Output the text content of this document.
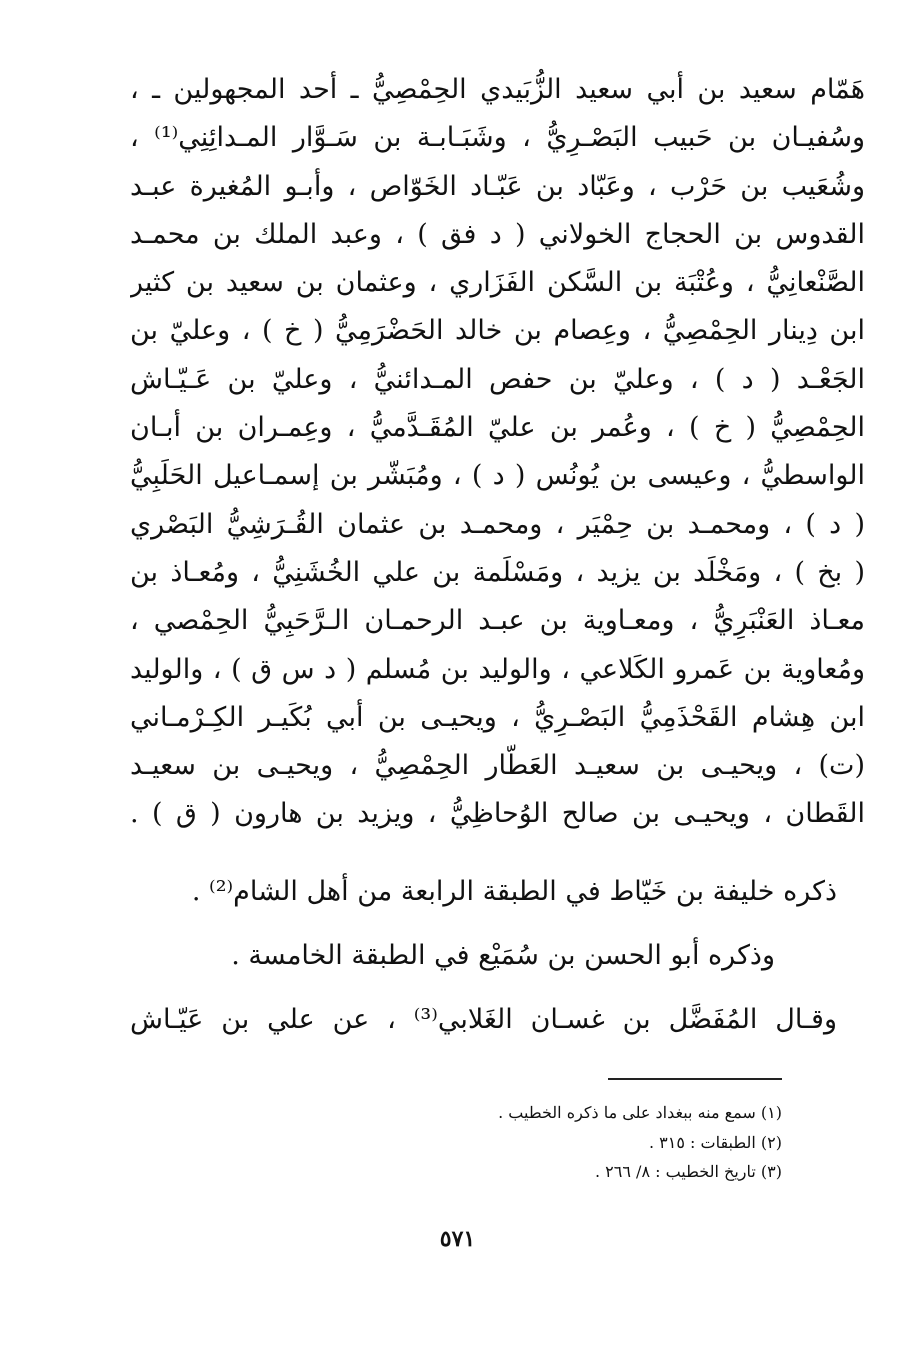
هَمّام سعيد بن أبي سعيد الزُّبَيدي الحِمْصِيُّ ـ أحد المجهولين ـ ،
وسُفيـان بن حَبيب البَصْـرِيُّ ، وشَبَـابـة بن سَـوَّار المـدائِنِي⁽¹⁾ ،
وشُعَيب بن حَرْب ، وعَبّاد بن عَبّـاد الخَوّاص ، وأبـو المُغيرة عبـد
القدوس بن الحجاج الخولاني ( د فق ) ، وعبد الملك بن محمـد
الصَّنْعانِيُّ ، وعُتْبَة بن السَّكن الفَزَاري ، وعثمان بن سعيد بن كثير
ابن دِينار الحِمْصِيُّ ، وعِصام بن خالد الحَضْرَمِيُّ ( خ ) ، وعليّ بن
الجَعْـد ( د ) ، وعليّ بن حفص المـدائنيُّ ، وعليّ بن عَـيّـاش
الحِمْصِيُّ ( خ ) ، وعُمر بن عليّ المُقَـدَّميُّ ، وعِمـران بن أبـان
الواسطيُّ ، وعيسى بن يُونُس ( د ) ، ومُبَشّر بن إسمـاعيل الحَلَبِيُّ
( د ) ، ومحمـد بن حِمْيَر ، ومحمـد بن عثمان القُـرَشِيُّ البَصْري
( بخ ) ، ومَخْلَد بن يزيد ، ومَسْلَمة بن علي الخُشَنِيُّ ، ومُعـاذ بن
معـاذ العَنْبَرِيُّ ، ومعـاوية بن عبـد الرحمـان الـرَّحَبِيُّ الحِمْصي ،
ومُعاوية بن عَمرو الكَلاعي ، والوليد بن مُسلم ( د س ق ) ، والوليد
ابن هِشام القَحْذَمِيُّ البَصْـرِيُّ ، ويحيـى بن أبي بُكَيـر الكِـرْمـاني
(ت) ، ويحيـى بن سعيـد العَطّار الحِمْصِيُّ ، ويحيـى بن سعيـد
القَطان ، ويحيـى بن صالح الوُحاظِيُّ ، ويزيد بن هارون ( ق ) .
ذكره خليفة بن خَيّاط في الطبقة الرابعة من أهل الشام⁽²⁾ .
وذكره أبو الحسن بن سُمَيْع في الطبقة الخامسة .
وقـال المُفَضَّل بن غسـان الغَلابي⁽³⁾ ، عن علي بن عَيّـاش
(١) سمع منه ببغداد على ما ذكره الخطيب .
(٢) الطبقات : ٣١٥ .
(٣) تاريخ الخطيب : ٨/ ٢٦٦ .
٥٧١
